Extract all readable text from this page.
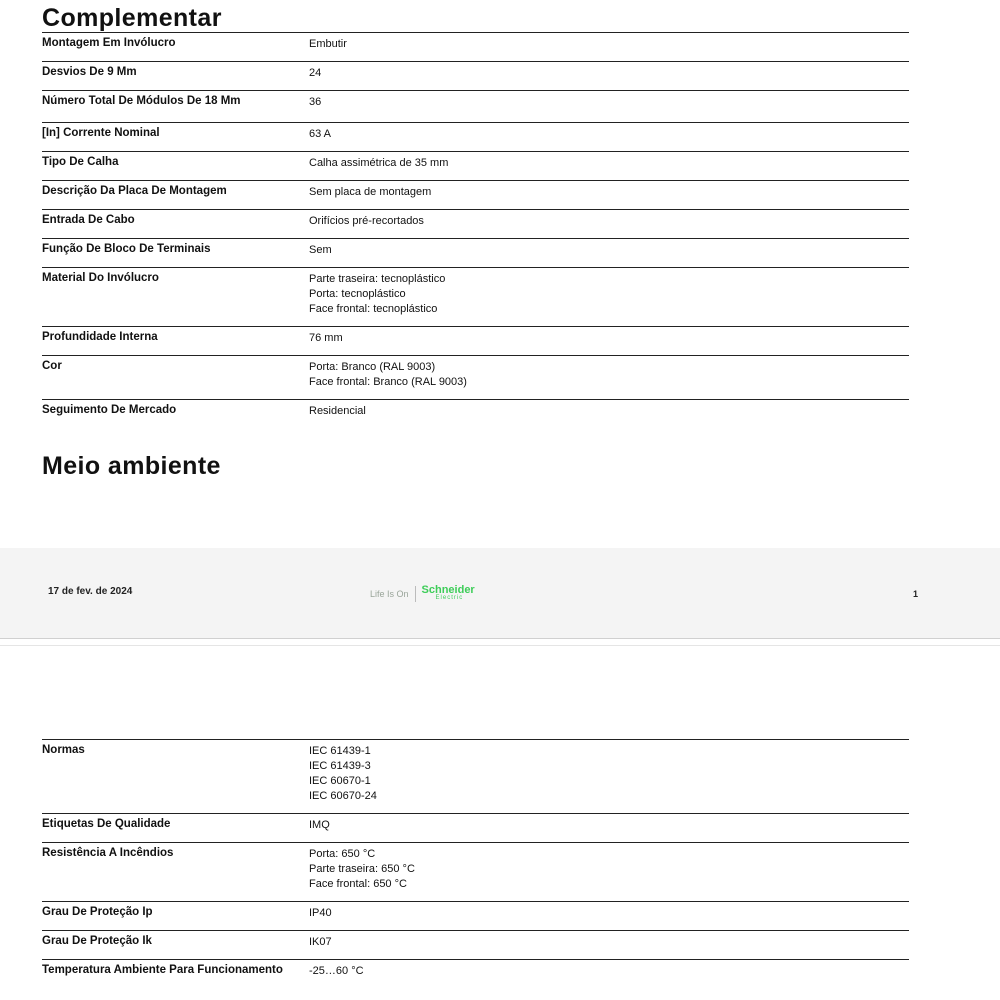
Complementar
Montagem Em Invólucro	Embutir
Desvios De 9 Mm	24
Número Total De Módulos De 18 Mm	36
[In] Corrente Nominal	63 A
Tipo De Calha	Calha assimétrica de 35 mm
Descrição Da Placa De Montagem	Sem placa de montagem
Entrada De Cabo	Orifícios pré-recortados
Função De Bloco De Terminais	Sem
Material Do Invólucro	Parte traseira: tecnoplástico
Porta: tecnoplástico
Face frontal: tecnoplástico
Profundidade Interna	76 mm
Cor	Porta: Branco (RAL 9003)
Face frontal: Branco (RAL 9003)
Seguimento De Mercado	Residencial
Meio ambiente
17 de fev. de 2024	Life Is On Schneider
Electric	1
Normas	IEC 61439-1
IEC 61439-3
IEC 60670-1
IEC 60670-24
Etiquetas De Qualidade	IMQ
Resistência A Incêndios	Porta: 650 °C
Parte traseira: 650 °C
Face frontal: 650 °C
Grau De Proteção Ip	IP40
Grau De Proteção Ik	IK07
Temperatura Ambiente Para Funcionamento	-25…60 °C
